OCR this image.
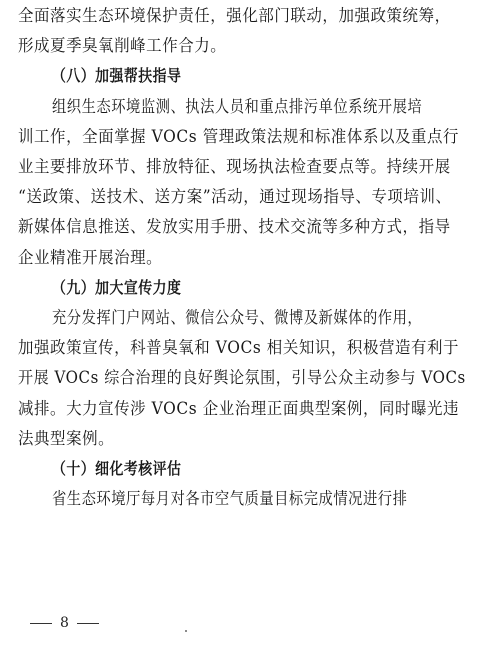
全面落实生态环境保护责任，强化部门联动，加强政策统筹，
形成夏季臭氧削峰工作合力。
（八）加强帮扶指导
组织生态环境监测、执法人员和重点排污单位系统开展培
训工作，全面掌握 VOCs 管理政策法规和标准体系以及重点行
业主要排放环节、排放特征、现场执法检查要点等。持续开展
“送政策、送技术、送方案”活动，通过现场指导、专项培训、
新媒体信息推送、发放实用手册、技术交流等多种方式，指导
企业精准开展治理。
（九）加大宣传力度
充分发挥门户网站、微信公众号、微博及新媒体的作用，
加强政策宣传，科普臭氧和 VOCs 相关知识，积极营造有利于
开展 VOCs 综合治理的良好舆论氛围，引导公众主动参与 VOCs
减排。大力宣传涉 VOCs 企业治理正面典型案例，同时曝光违
法典型案例。
（十）细化考核评估
省生态环境厅每月对各市空气质量目标完成情况进行排
8
